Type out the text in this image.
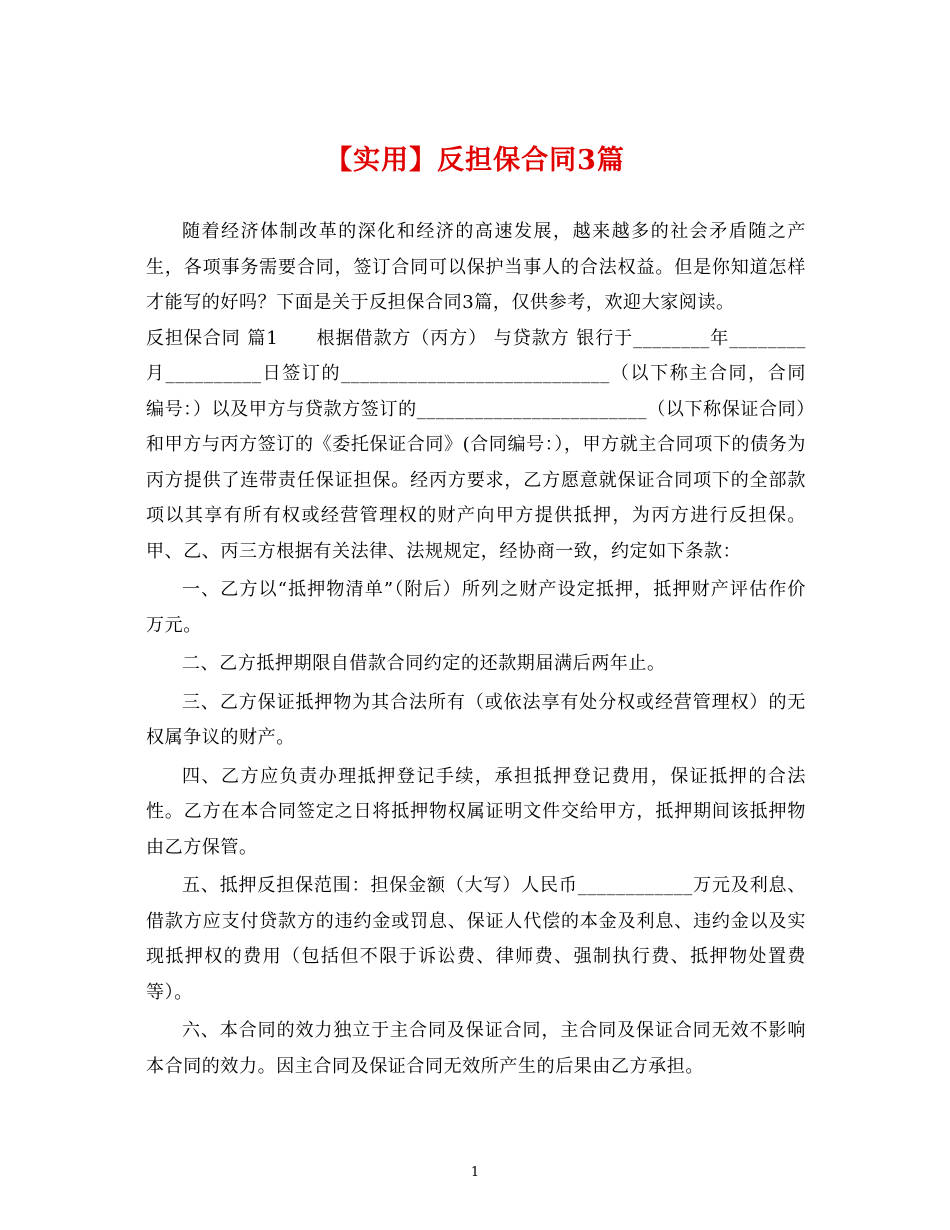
【实用】反担保合同3篇

随着经济体制改革的深化和经济的高速发展，越来越多的社会矛盾随之产生，各项事务需要合同，签订合同可以保护当事人的合法权益。但是你知道怎样才能写的好吗？下面是关于反担保合同3篇，仅供参考，欢迎大家阅读。

反担保合同 篇1　　根据借款方（丙方） 与贷款方 银行于________年________月__________日签订的____________________________（以下称主合同，合同编号：）以及甲方与贷款方签订的________________________（以下称保证合同）和甲方与丙方签订的《委托保证合同》(合同编号：），甲方就主合同项下的债务为丙方提供了连带责任保证担保。经丙方要求，乙方愿意就保证合同项下的全部款项以其享有所有权或经营管理权的财产向甲方提供抵押，为丙方进行反担保。甲、乙、丙三方根据有关法律、法规规定，经协商一致，约定如下条款：

一、乙方以“抵押物清单”（附后）所列之财产设定抵押，抵押财产评估作价万元。

二、乙方抵押期限自借款合同约定的还款期届满后两年止。

三、乙方保证抵押物为其合法所有（或依法享有处分权或经营管理权）的无权属争议的财产。

四、乙方应负责办理抵押登记手续，承担抵押登记费用，保证抵押的合法性。乙方在本合同签定之日将抵押物权属证明文件交给甲方，抵押期间该抵押物由乙方保管。

五、抵押反担保范围：担保金额（大写）人民币____________万元及利息、借款方应支付贷款方的违约金或罚息、保证人代偿的本金及利息、违约金以及实现抵押权的费用（包括但不限于诉讼费、律师费、强制执行费、抵押物处置费等）。

六、本合同的效力独立于主合同及保证合同，主合同及保证合同无效不影响本合同的效力。因主合同及保证合同无效所产生的后果由乙方承担。

1
